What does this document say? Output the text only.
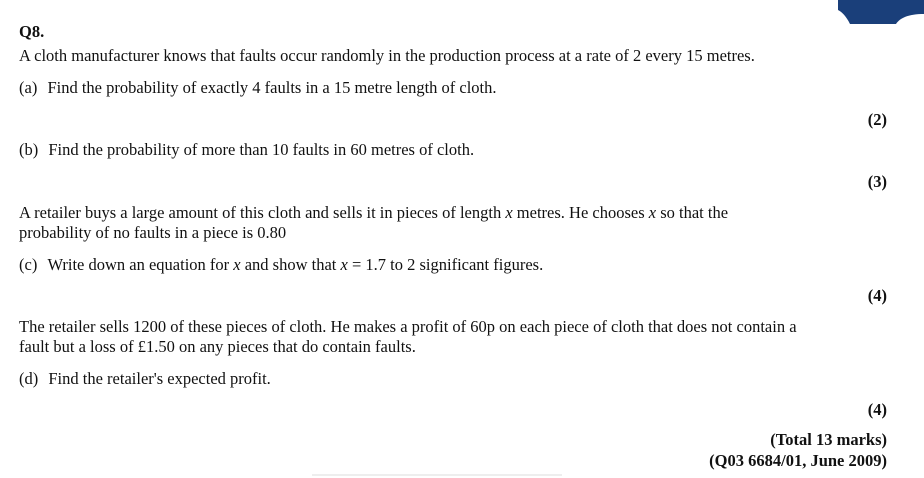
Q8.
A cloth manufacturer knows that faults occur randomly in the production process at a rate of 2 every 15 metres.
(a) Find the probability of exactly 4 faults in a 15 metre length of cloth.
(2)
(b) Find the probability of more than 10 faults in 60 metres of cloth.
(3)
A retailer buys a large amount of this cloth and sells it in pieces of length x metres. He chooses x so that the
probability of no faults in a piece is 0.80
(c) Write down an equation for x and show that x = 1.7 to 2 significant figures.
(4)
The retailer sells 1200 of these pieces of cloth. He makes a profit of 60p on each piece of cloth that does not contain a
fault but a loss of £1.50 on any pieces that do contain faults.
(d) Find the retailer's expected profit.
(4)
(Total 13 marks)
(Q03 6684/01, June 2009)
